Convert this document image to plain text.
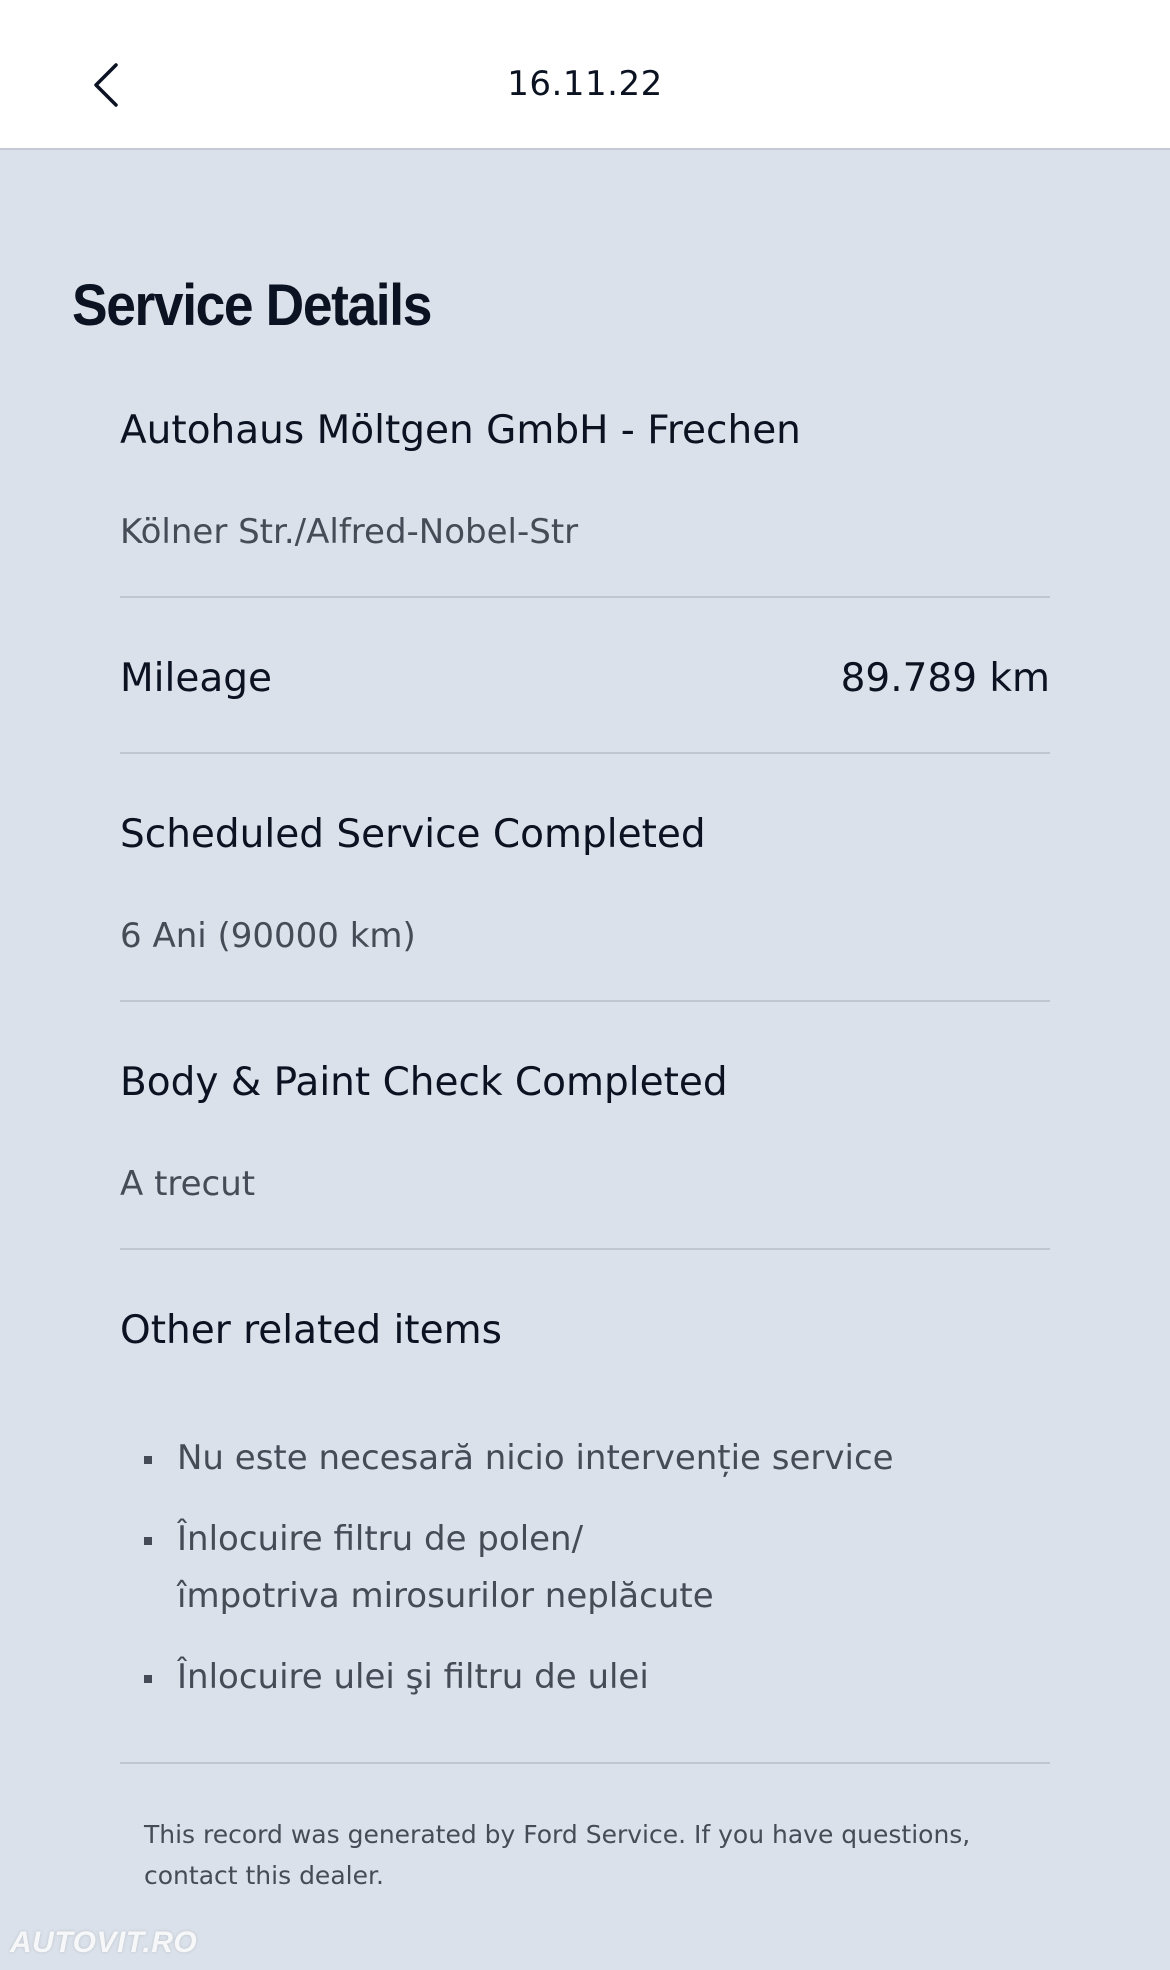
16.11.22
Service Details
Autohaus Möltgen GmbH - Frechen
Kölner Str./Alfred-Nobel-Str
Mileage	89.789 km
Scheduled Service Completed
6 Ani (90000 km)
Body & Paint Check Completed
A trecut
Other related items
Nu este necesară nicio intervenție service
Înlocuire filtru de polen/împotriva mirosurilor neplăcute
Înlocuire ulei şi filtru de ulei
This record was generated by Ford Service. If you have questions, contact this dealer.
AUTOVIT.RO
